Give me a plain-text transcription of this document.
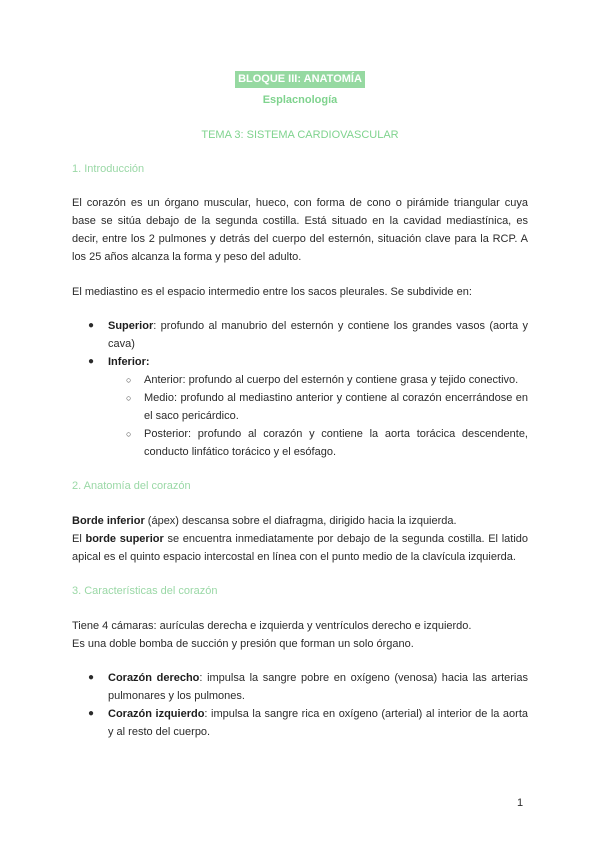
BLOQUE III: ANATOMÍA
Esplacnología
TEMA 3: SISTEMA CARDIOVASCULAR
1. Introducción

El corazón es un órgano muscular, hueco, con forma de cono o pirámide triangular cuya base se sitúa debajo de la segunda costilla. Está situado en la cavidad mediastínica, es decir, entre los 2 pulmones y detrás del cuerpo del esternón, situación clave para la RCP. A los 25 años alcanza la forma y peso del adulto.

El mediastino es el espacio intermedio entre los sacos pleurales. Se subdivide en:

● Superior: profundo al manubrio del esternón y contiene los grandes vasos (aorta y cava)
● Inferior:
○ Anterior: profundo al cuerpo del esternón y contiene grasa y tejido conectivo.
○ Medio: profundo al mediastino anterior y contiene al corazón encerrándose en el saco pericárdico.
○ Posterior: profundo al corazón y contiene la aorta torácica descendente, conducto linfático torácico y el esófago.
2. Anatomía del corazón

Borde inferior (ápex) descansa sobre el diafragma, dirigido hacia la izquierda.

El borde superior se encuentra inmediatamente por debajo de la segunda costilla. El latido apical es el quinto espacio intercostal en línea con el punto medio de la clavícula izquierda.

3. Características del corazón

Tiene 4 cámaras: aurículas derecha e izquierda y ventrículos derecho e izquierdo.

Es una doble bomba de succión y presión que forman un solo órgano.

● Corazón derecho: impulsa la sangre pobre en oxígeno (venosa) hacia las arterias pulmonares y los pulmones.
● Corazón izquierdo: impulsa la sangre rica en oxígeno (arterial) al interior de la aorta y al resto del cuerpo.
1
